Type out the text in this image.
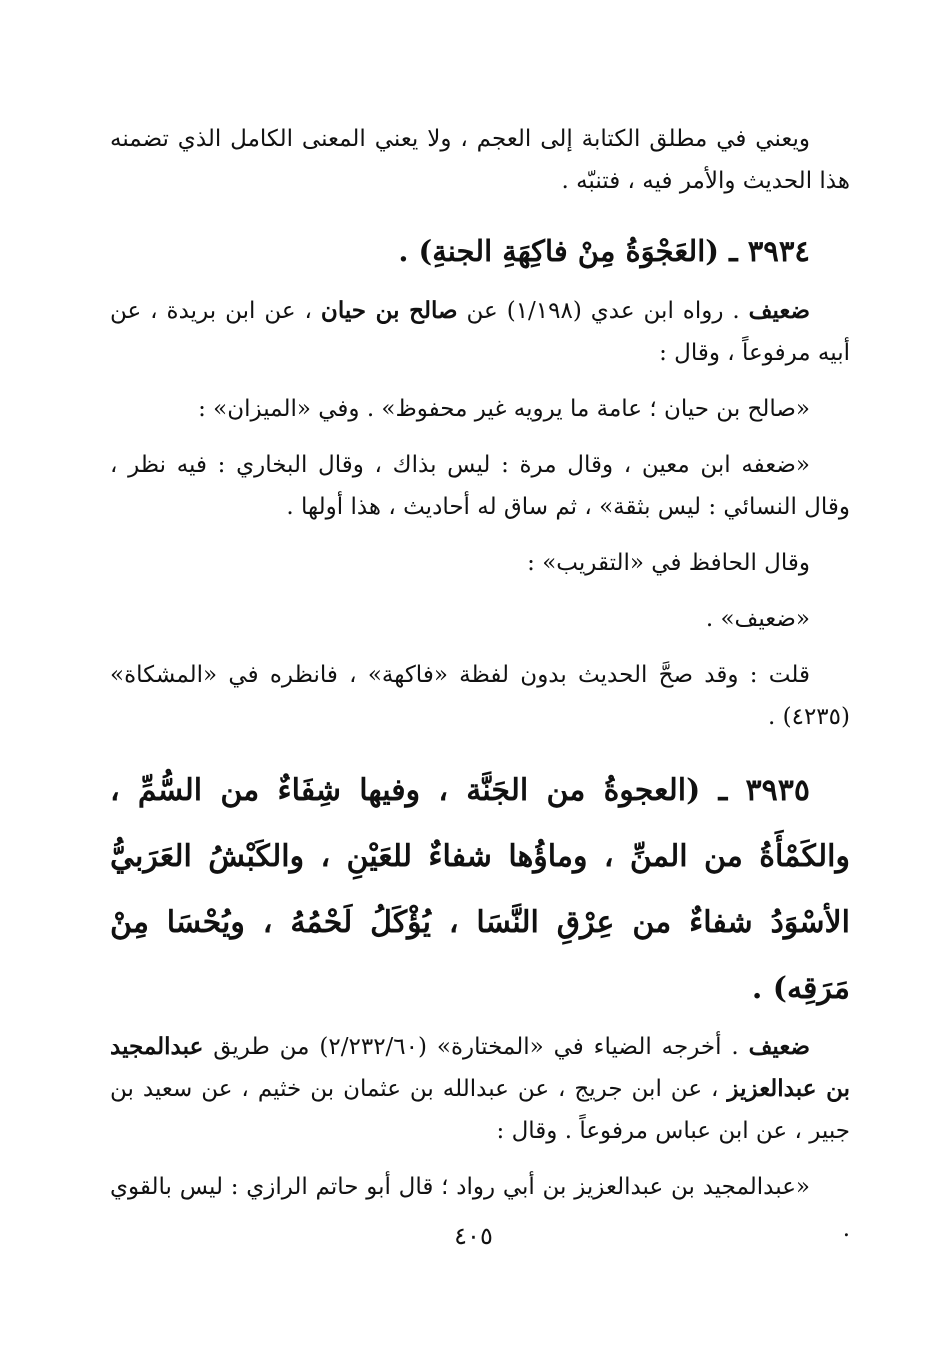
ويعني في مطلق الكتابة إلى العجم ، ولا يعني المعنى الكامل الذي تضمنه هذا الحديث والأمر فيه ، فتنبّه .

٣٩٣٤ ـ (العَجْوَةُ مِنْ فاكِهَةِ الجنةِ) .

ضعيف . رواه ابن عدي (١/١٩٨) عن صالح بن حيان ، عن ابن بريدة ، عن أبيه مرفوعاً ، وقال :

«صالح بن حيان ؛ عامة ما يرويه غير محفوظ» . وفي «الميزان» :

«ضعفه ابن معين ، وقال مرة : ليس بذاك ، وقال البخاري : فيه نظر ، وقال النسائي : ليس بثقة» ، ثم ساق له أحاديث ، هذا أولها .

وقال الحافظ في «التقريب» :

«ضعيف» .

قلت : وقد صحَّ الحديث بدون لفظة «فاكهة» ، فانظره في «المشكاة» (٤٢٣٥) .

٣٩٣٥ ـ (العجوةُ من الجَنَّة ، وفيها شِفَاءٌ من السُّمِّ ، والكَمْأَةُ من المنِّ ، وماؤُها شفاءٌ للعَيْنِ ، والكَبْشُ العَرَبيُّ الأسْوَدُ شفاءٌ من عِرْقِ النَّسَا ، يُؤْكَلُ لَحْمُهُ ، ويُحْسَا مِنْ مَرَقِه) .

ضعيف . أخرجه الضياء في «المختارة» (٢/٢٣٢/٦٠) من طريق عبدالمجيد بن عبدالعزيز ، عن ابن جريج ، عن عبدالله بن عثمان بن خثيم ، عن سعيد بن جبير ، عن ابن عباس مرفوعاً . وقال :

«عبدالمجيد بن عبدالعزيز بن أبي رواد ؛ قال أبو حاتم الرازي : ليس بالقوي .

٤٠٥
